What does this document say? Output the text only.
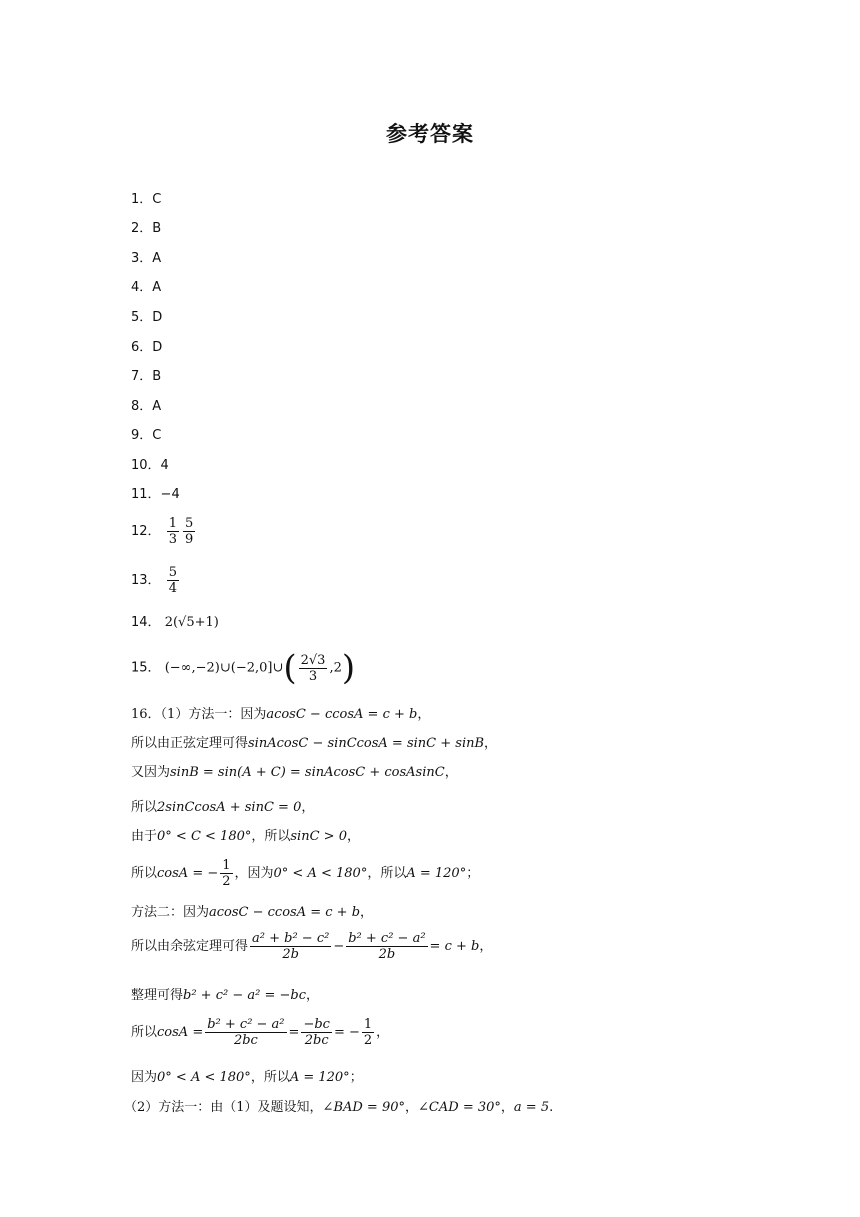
参考答案
1．C
2．B
3．A
4．A
5．D
6．D
7．B
8．A
9．C
10．4
11．−4
12． $\frac{1}{3} \frac{5}{9}$
13． $\frac{5}{4}$
14． 2(√5+1)
15． (−∞,−2)∪(−2,0]∪( $\frac{2√3}{3} ,2$)
16．（1）方法一：因为acosC − ccosA = c + b，
所以由正弦定理可得sinAcosC − sinCcosA = sinC + sinB，
又因为sinB = sin(A + C) = sinAcosC + cosAsinC，
所以2sinCcosA + sinC = 0，
由于0° < C < 180°，所以sinC > 0，
所以cosA = − $\frac{1}{2}$ ，因为0° < A < 180°，所以A = 120°；
方法二：因为acosC − ccosA = c + b，
所以由余弦定理可得 $\frac{\text{a² + b² − c²}}{2b} - \frac{\text{b² + c² − a²}}{2b} = c + b$，
整理可得b² + c² − a² = −bc，
所以$\cos A = \frac{\text{b² + c² − a²}}{2bc} = \frac{-bc}{2bc}$ = − $\frac{1}{2}$ ，
因为0° < A < 180°，所以A = 120°；
（2）方法一：由（1）及题设知，∠BAD = 90°，∠CAD = 30°，a = 5.
